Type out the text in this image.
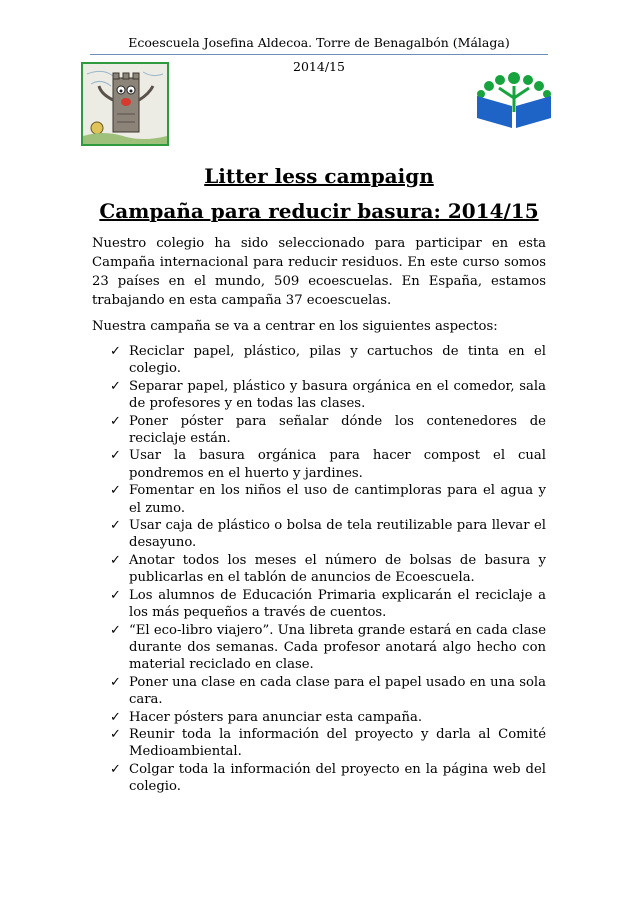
Ecoescuela Josefina Aldecoa. Torre de Benagalbón (Málaga)
2014/15
Litter less campaign
Campaña para reducir basura: 2014/15

Nuestro colegio ha sido seleccionado para participar en esta Campaña internacional para reducir residuos. En este curso somos 23 países en el mundo, 509 ecoescuelas. En España, estamos trabajando en esta campaña 37 ecoescuelas.

Nuestra campaña se va a centrar en los siguientes aspectos:

✓ Reciclar papel, plástico, pilas y cartuchos de tinta en el colegio.
✓ Separar papel, plástico y basura orgánica en el comedor, sala de profesores y en todas las clases.
✓ Poner póster para señalar dónde los contenedores de reciclaje están.
✓ Usar la basura orgánica para hacer compost el cual pondremos en el huerto y jardines.
✓ Fomentar en los niños el uso de cantimploras para el agua y el zumo.
✓ Usar caja de plástico o bolsa de tela reutilizable para llevar el desayuno.
✓ Anotar todos los meses el número de bolsas de basura y publicarlas en el tablón de anuncios de Ecoescuela.
✓ Los alumnos de Educación Primaria explicarán el reciclaje a los más pequeños a través de cuentos.
✓ “El eco-libro viajero”. Una libreta grande estará en cada clase durante dos semanas. Cada profesor anotará algo hecho con material reciclado en clase.
✓ Poner una clase en cada clase para el papel usado en una sola cara.
✓ Hacer pósters para anunciar esta campaña.
✓ Reunir toda la información del proyecto y darla al Comité Medioambiental.
✓ Colgar toda la información del proyecto en la página web del colegio.
